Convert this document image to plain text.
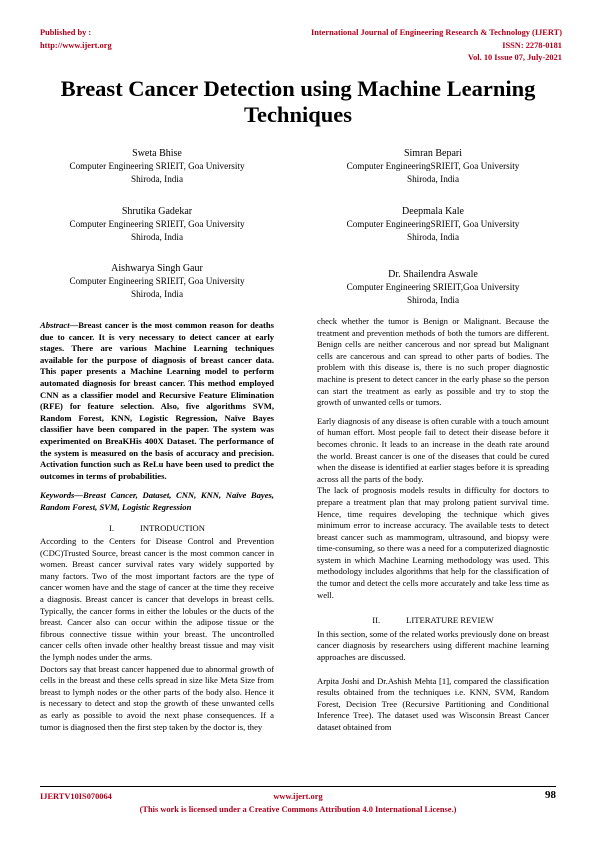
Published by :
http://www.ijert.org
International Journal of Engineering Research & Technology (IJERT)
ISSN: 2278-0181
Vol. 10 Issue 07, July-2021
Breast Cancer Detection using Machine Learning
Techniques
Sweta Bhise
Computer Engineering SRIEIT, Goa University
Shiroda, India
Simran Bepari
Computer EngineeringSRIEIT, Goa University
Shiroda, India
Shrutika Gadekar
Computer Engineering SRIEIT, Goa University
Shiroda, India
Deepmala Kale
Computer EngineeringSRIEIT, Goa University
Shiroda, India
Aishwarya Singh Gaur
Computer Engineering SRIEIT, Goa University
Shiroda, India
Dr. Shailendra Aswale
Computer Engineering SRIEIT,Goa University
Shiroda, India

Abstract—Breast cancer is the most common reason for deaths due to cancer. It is very necessary to detect cancer at early stages. There are various Machine Learning techniques available for the purpose of diagnosis of breast cancer data. This paper presents a Machine Learning model to perform automated diagnosis for breast cancer. This method employed CNN as a classifier model and Recursive Feature Elimination (RFE) for feature selection. Also, five algorithms SVM, Random Forest, KNN, Logistic Regression, Naïve Bayes classifier have been compared in the paper. The system was experimented on BreaKHis 400X Dataset. The performance of the system is measured on the basis of accuracy and precision. Activation function such as ReLu have been used to predict the outcomes in terms of probabilities.

Keywords—Breast Cancer, Dataset, CNN, KNN, Naïve Bayes, Random Forest, SVM, Logistic Regression

I.	INTRODUCTION

According to the Centers for Disease Control and Prevention (CDC)Trusted Source, breast cancer is the most common cancer in women. Breast cancer survival rates vary widely supported by many factors. Two of the most important factors are the type of cancer women have and the stage of cancer at the time they receive a diagnosis. Breast cancer is cancer that develops in breast cells. Typically, the cancer forms in either the lobules or the ducts of the breast. Cancer also can occur within the adipose tissue or the fibrous connective tissue within your breast. The uncontrolled cancer cells often invade other healthy breast tissue and may visit the lymph nodes under the arms.

Doctors say that breast cancer happened due to abnormal growth of cells in the breast and these cells spread in size like Meta Size from breast to lymph nodes or the other parts of the body also. Hence it is necessary to detect and stop the growth of these unwanted cells as early as possible to avoid the next phase consequences. If a tumor is diagnosed then the first step taken by the doctor is, they

check whether the tumor is Benign or Malignant. Because the treatment and prevention methods of both the tumors are different. Benign cells are neither cancerous and nor spread but Malignant cells are cancerous and can spread to other parts of bodies. The problem with this disease is, there is no such proper diagnostic machine is present to detect cancer in the early phase so the person can start the treatment as early as possible and try to stop the growth of unwanted cells or tumors.

Early diagnosis of any disease is often curable with a touch amount of human effort. Most people fail to detect their disease before it becomes chronic. It leads to an increase in the death rate around the world. Breast cancer is one of the diseases that could be cured when the disease is identified at earlier stages before it is spreading across all the parts of the body.

The lack of prognosis models results in difficulty for doctors to prepare a treatment plan that may prolong patient survival time. Hence, time requires developing the technique which gives minimum error to increase accuracy. The available tests to detect breast cancer such as mammogram, ultrasound, and biopsy were time-consuming, so there was a need for a computerized diagnostic system in which Machine Learning methodology was used. This methodology includes algorithms that help for the classification of the tumor and detect the cells more accurately and take less time as well.

II.	LITERATURE REVIEW

In this section, some of the related works previously done on breast cancer diagnosis by researchers using different machine learning approaches are discussed.

Arpita Joshi and Dr.Ashish Mehta [1], compared the classification results obtained from the techniques i.e. KNN, SVM, Random Forest, Decision Tree (Recursive Partitioning and Conditional Inference Tree). The dataset used was Wisconsin Breast Cancer dataset obtained from

IJERTV10IS070064	www.ijert.org	98
(This work is licensed under a Creative Commons Attribution 4.0 International License.)
